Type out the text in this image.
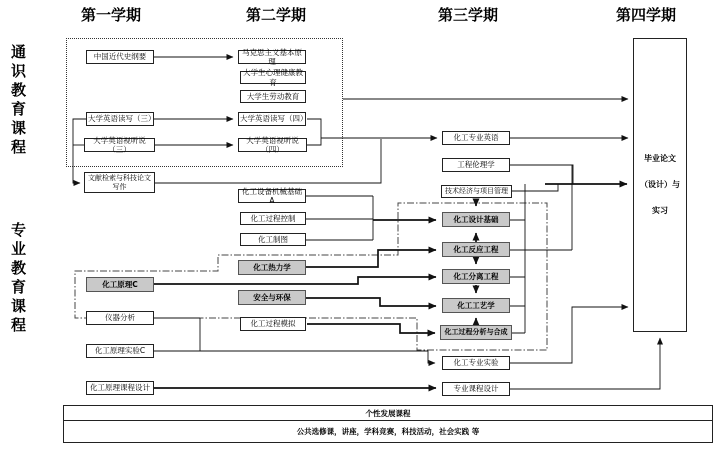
第一学期	第二学期	第三学期	第四学期
通识教育课程
专业教育课程
中国近代史纲要
大学英语读写（三）
大学英语视听说（三）
文献检索与科技论文写作
化工原理C
仪器分析
化工原理实验C
化工原理课程设计
马克思主义基本原理
大学生心理健康教育
大学生劳动教育
大学英语读写（四）
大学英语视听说（四）
化工设备机械基础 A
化工过程控制
化工制图
化工热力学
安全与环保
化工过程模拟
化工专业英语
工程伦理学
技术经济与项目管理
化工设计基础
化工反应工程
化工分离工程
化工工艺学
化工过程分析与合成
化工专业实验
专业课程设计
毕业论文
（设计）与
实习
个性发展课程
公共选修课，讲座，学科竞赛，科技活动，社会实践 等
